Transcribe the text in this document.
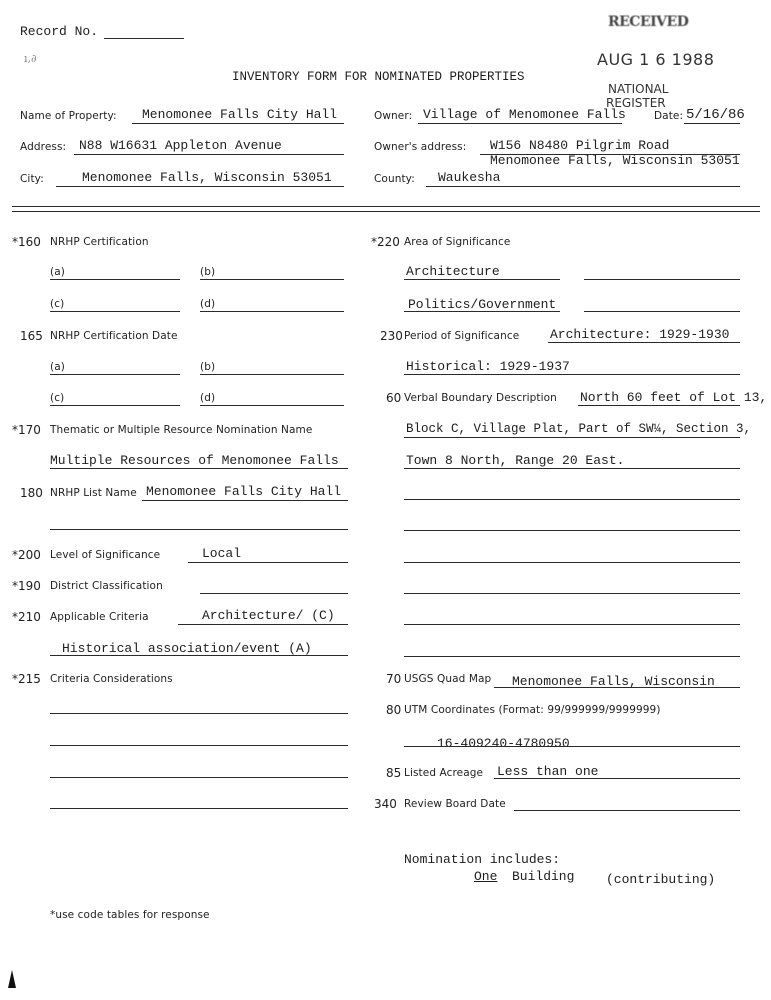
Record No.
ı,∂
RECEIVED
AUG 1 6 1988
NATIONAL
REGISTER
INVENTORY FORM FOR NOMINATED PROPERTIES
Name of Property: Menomonee Falls City Hall
Address: N88 W16631 Appleton Avenue
City:	Menomonee Falls, Wisconsin 53051
Owner: Village of Menomonee Falls	Date: 5/16/86
Owner's address: W156 N8480 Pilgrim Road
Menomonee Falls, Wisconsin 53051
County: Waukesha
*160 NRHP Certification
(a)	(b)
(c)	(d)
165 NRHP Certification Date
(a)	(b)
(c)	(d)
*170 Thematic or Multiple Resource Nomination Name
Multiple Resources of Menomonee Falls
180 NRHP List Name Menomonee Falls City Hall
*200 Level of Significance	Local
*190 District Classification
*210 Applicable Criteria	Architecture/ (C)
Historical association/event (A)
*215 Criteria Considerations
*220 Area of Significance
Architecture
Politics/Government
230 Period of Significance Architecture: 1929-1930
Historical: 1929-1937
60 Verbal Boundary Description North 60 feet of Lot 13,
Block C, Village Plat, Part of SW¼, Section 3,
Town 8 North, Range 20 East.
70 USGS Quad Map Menomonee Falls, Wisconsin
80 UTM Coordinates (Format: 99/999999/9999999)
16-409240-4780950
85 Listed Acreage Less than one
340 Review Board Date
Nomination includes:
One Building (contributing)
*use code tables for response
